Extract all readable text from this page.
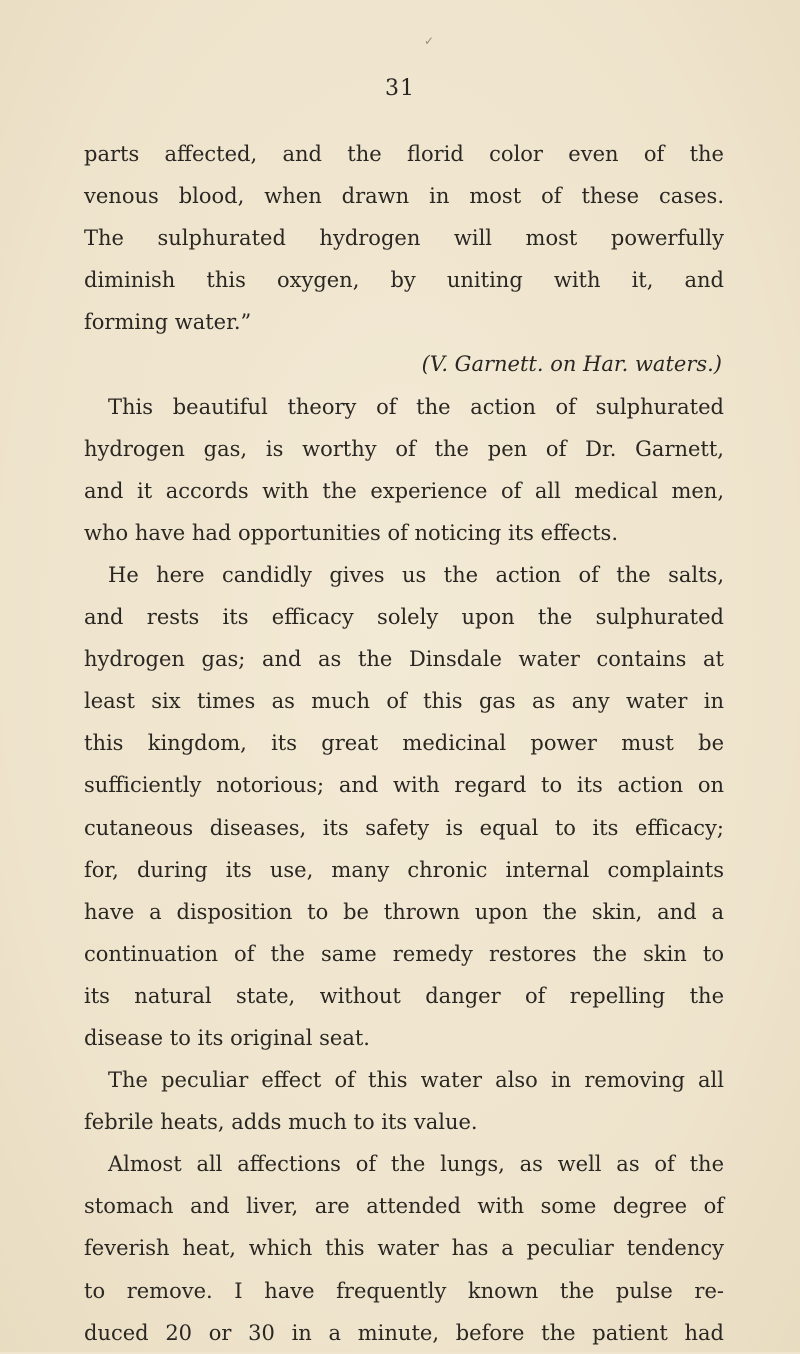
✓
31
parts affected, and the florid color even of the
venous blood, when drawn in most of these cases.
The sulphurated hydrogen will most powerfully
diminish this oxygen, by uniting with it, and
forming water.”
(V. Garnett. on Har. waters.)
This beautiful theory of the action of sulphurated
hydrogen gas, is worthy of the pen of Dr. Garnett,
and it accords with the experience of all medical men,
who have had opportunities of noticing its effects.
He here candidly gives us the action of the salts,
and rests its efficacy solely upon the sulphurated
hydrogen gas; and as the Dinsdale water contains at
least six times as much of this gas as any water in
this kingdom, its great medicinal power must be
sufficiently notorious; and with regard to its action on
cutaneous diseases, its safety is equal to its efficacy;
for, during its use, many chronic internal complaints
have a disposition to be thrown upon the skin, and a
continuation of the same remedy restores the skin to
its natural state, without danger of repelling the
disease to its original seat.
The peculiar effect of this water also in removing all
febrile heats, adds much to its value.
Almost all affections of the lungs, as well as of the
stomach and liver, are attended with some degree of
feverish heat, which this water has a peculiar tendency
to remove. I have frequently known the pulse re-
duced 20 or 30 in a minute, before the patient had
